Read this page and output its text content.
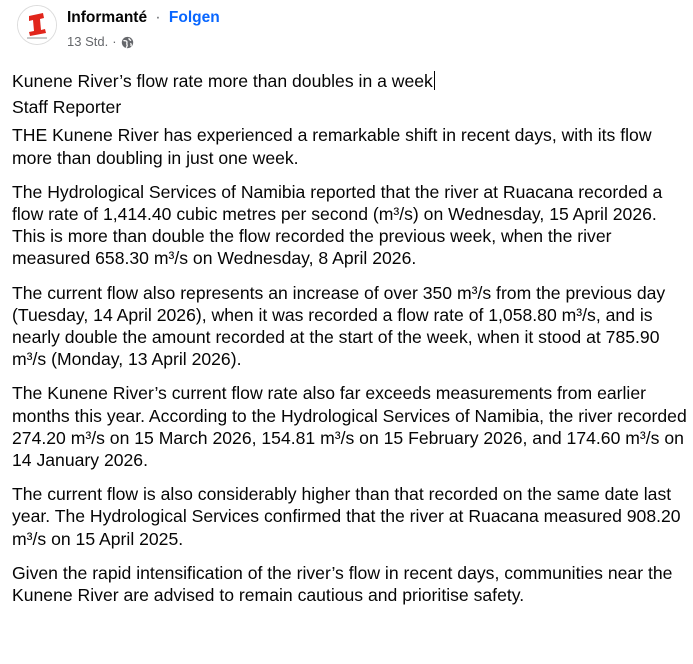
Informanté · Folgen
13 Std. ·

Kunene River’s flow rate more than doubles in a week

Staff Reporter

THE Kunene River has experienced a remarkable shift in recent days, with its flow more than doubling in just one week.

The Hydrological Services of Namibia reported that the river at Ruacana recorded a flow rate of 1,414.40 cubic metres per second (m³/s) on Wednesday, 15 April 2026. This is more than double the flow recorded the previous week, when the river measured 658.30 m³/s on Wednesday, 8 April 2026.

The current flow also represents an increase of over 350 m³/s from the previous day (Tuesday, 14 April 2026), when it was recorded a flow rate of 1,058.80 m³/s, and is nearly double the amount recorded at the start of the week, when it stood at 785.90 m³/s (Monday, 13 April 2026).

The Kunene River’s current flow rate also far exceeds measurements from earlier months this year. According to the Hydrological Services of Namibia, the river recorded 274.20 m³/s on 15 March 2026, 154.81 m³/s on 15 February 2026, and 174.60 m³/s on 14 January 2026.

The current flow is also considerably higher than that recorded on the same date last year. The Hydrological Services confirmed that the river at Ruacana measured 908.20 m³/s on 15 April 2025.

Given the rapid intensification of the river’s flow in recent days, communities near the Kunene River are advised to remain cautious and prioritise safety.
